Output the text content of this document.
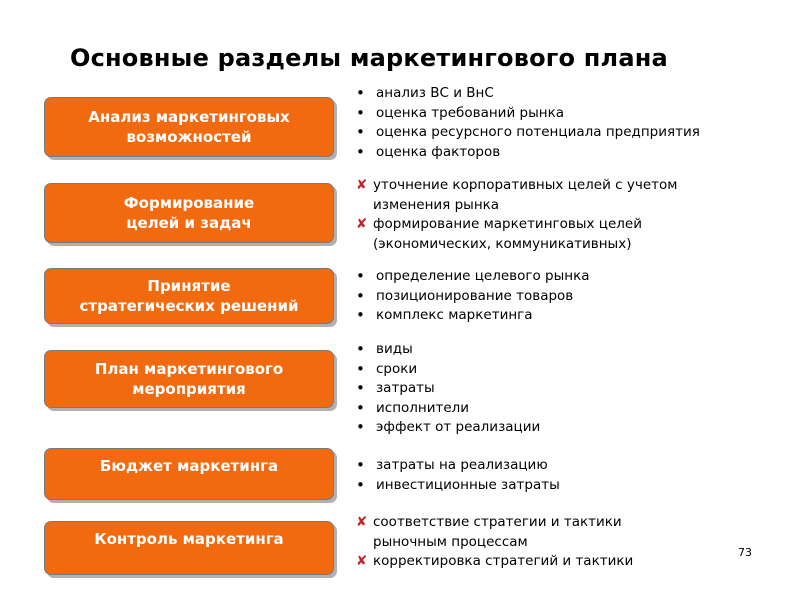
Основные разделы маркетингового плана
Анализ маркетинговых
возможностей
• анализ ВС и ВнС
• оценка требований рынка
• оценка ресурсного потенциала предприятия
• оценка факторов
Формирование
целей и задач
✘ уточнение корпоративных целей с учетом
изменения рынка
✘ формирование маркетинговых целей
(экономических, коммуникативных)
Принятие
стратегических решений
• определение целевого рынка
• позиционирование товаров
• комплекс маркетинга
План маркетингового
мероприятия
• виды
• сроки
• затраты
• исполнители
• эффект от реализации
Бюджет маркетинга
•	затраты на реализацию
• инвестиционные затраты
Контроль маркетинга
✘ соответствие стратегии и тактики
рыночным процессам
✘ корректировка стратегий и тактики
73
